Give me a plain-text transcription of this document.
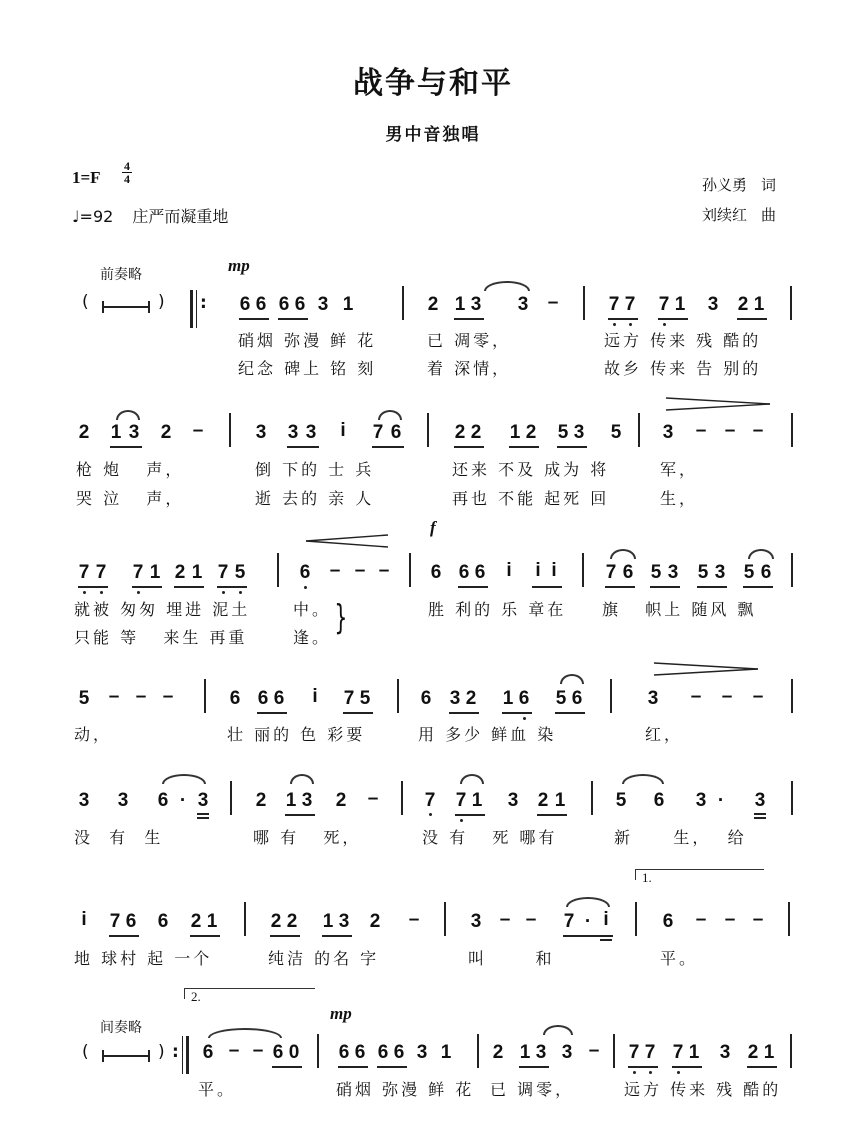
战争与和平
男中音独唱
1=F
4
4
♩=92 庄严而凝重地
孙义勇 词
刘续红 曲
前奏略	mp
(	) : 6 6 6 6 3 1
硝烟 弥漫 鲜 花
纪念 碑上 铭 刻
2 1 3 3 –
已 凋零，
着 深情，
7 7 7 1 3 2 1
远方 传来 残 酷的
故乡 传来 告 别的
2 1 3 2 –
枪 炮   声，
哭 泣   声，
3 3 3 i 7 6
倒 下的 士 兵
逝 去的 亲 人
2 2 1 2 5 3 5
还来 不及 成为 将
再也 不能 起死 回
3 – – –
军，
生，
7 7 7 1 2 1 7 5
就被 匆匆 埋进 泥土
只能 等   来生 再重
6 – – –
中。
逢。 }
f
6 6 6 i i i
胜 利的 乐 章在
7 6 5 3 5 3 5 6
旗   帜上 随风 飘
5 – – –
动，
6 6 6 i 7 5
壮 丽的 色 彩要
6 3 2 1 6 5 6
用 多少 鲜血 染
3 – – –
红，
3 3 6 · 3
没  有  生
2 1 3 2 –
哪 有   死，
7 7 1 3 2 1
没 有   死 哪有
5 6 3 · 3
新     生，  给
i 7 6 6 2 1
地 球村 起 一个
2 2 1 3 2 –
纯洁 的名 字
3 – – 7 · i
叫      和
1.
6 – – –
平。
间奏略
(	) :
2.
6 – – 6 0
平。
mp
6 6 6 6 3 1
硝烟 弥漫 鲜 花
2 1 3 3 –
已 调零，
7 7 7 1 3 2 1
远方 传来 残 酷的
